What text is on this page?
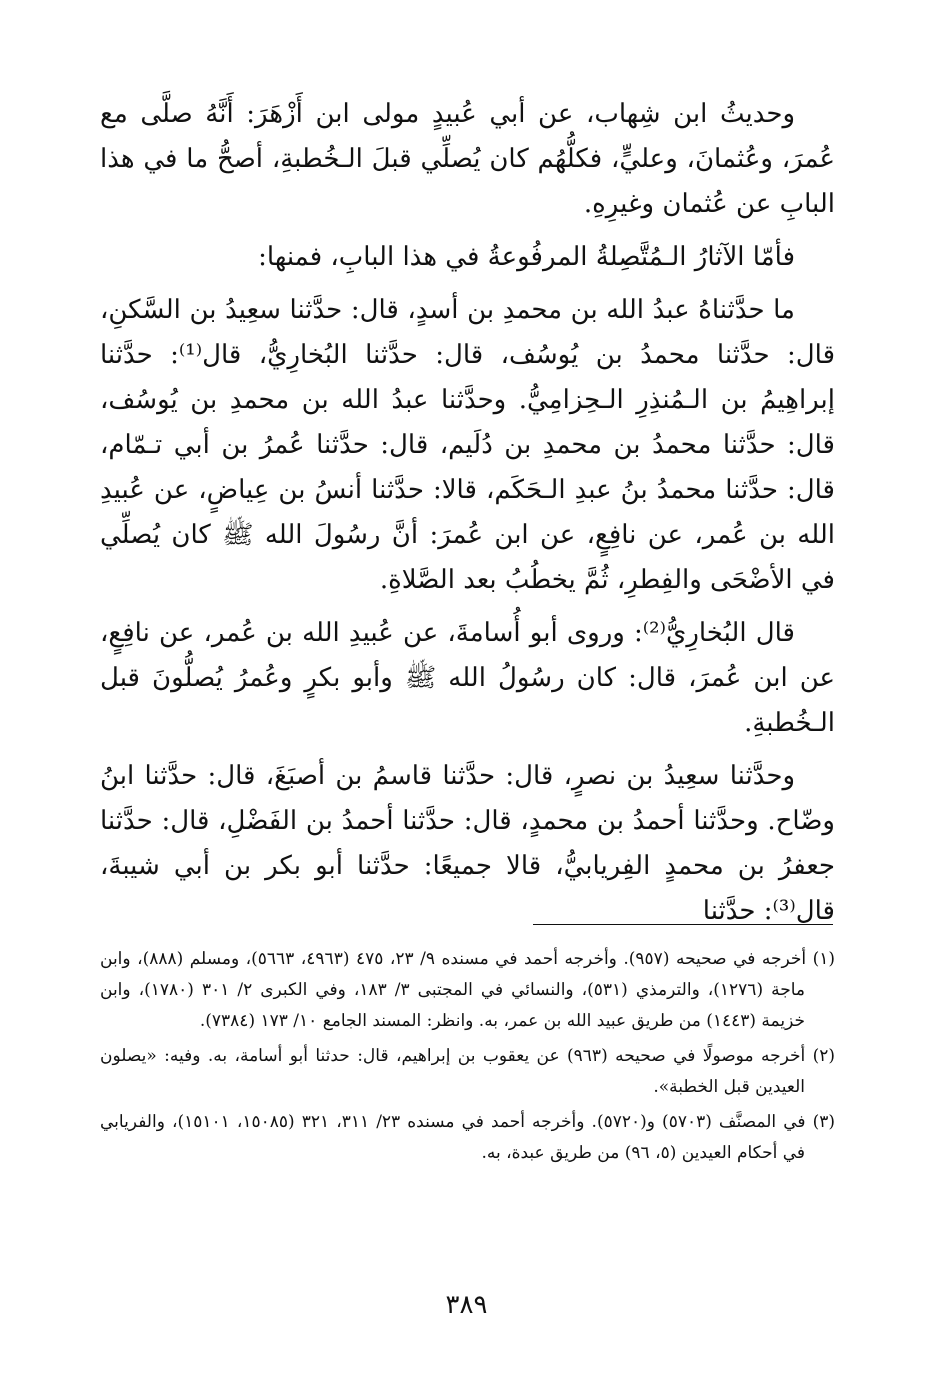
وحديثُ ابن شِهاب، عن أبي عُبيدٍ مولى ابن أَزْهَرَ: أَنَّهُ صلَّى مع عُمرَ، وعُثمانَ، وعليٍّ، فكلُّهُم كان يُصلِّي قبلَ الـخُطبةِ، أصحُّ ما في هذا البابِ عن عُثمان وغيرِهِ.

فأمّا الآثارُ الـمُتَّصِلةُ المرفُوعةُ في هذا البابِ، فمنها:

ما حدَّثناهُ عبدُ الله بن محمدِ بن أسدٍ، قال: حدَّثنا سعِيدُ بن السَّكنِ، قال: حدَّثنا محمدُ بن يُوسُف، قال: حدَّثنا البُخارِيُّ، قال⁽¹⁾: حدَّثنا إبراهِيمُ بن الـمُنذِرِ الـحِزامِيُّ. وحدَّثنا عبدُ الله بن محمدِ بن يُوسُف، قال: حدَّثنا محمدُ بن محمدِ بن دُلَيم، قال: حدَّثنا عُمرُ بن أبي تـمّام، قال: حدَّثنا محمدُ بنُ عبدِ الـحَكَم، قالا: حدَّثنا أنسُ بن عِياضٍ، عن عُبيدِ الله بن عُمر، عن نافِعٍ، عن ابن عُمرَ: أنَّ رسُولَ الله ﷺ كان يُصلِّي في الأضْحَى والفِطرِ، ثُمَّ يخطُبُ بعد الصَّلاةِ.

قال البُخارِيُّ⁽²⁾: وروى أبو أُسامةَ، عن عُبيدِ الله بن عُمر، عن نافِعٍ، عن ابن عُمرَ، قال: كان رسُولُ الله ﷺ وأبو بكرٍ وعُمرُ يُصلُّونَ قبل الـخُطبةِ.

وحدَّثنا سعِيدُ بن نصرٍ، قال: حدَّثنا قاسمُ بن أصبَغَ، قال: حدَّثنا ابنُ وضّاح. وحدَّثنا أحمدُ بن محمدٍ، قال: حدَّثنا أحمدُ بن الفَضْلِ، قال: حدَّثنا جعفرُ بن محمدٍ الفِريابيُّ، قالا جميعًا: حدَّثنا أبو بكر بن أبي شيبةَ، قال⁽³⁾: حدَّثنا

(١) أخرجه في صحيحه (٩٥٧). وأخرجه أحمد في مسنده ٩/ ٢٣، ٤٧٥ (٤٩٦٣، ٥٦٦٣)، ومسلم (٨٨٨)، وابن ماجة (١٢٧٦)، والترمذي (٥٣١)، والنسائي في المجتبى ٣/ ١٨٣، وفي الكبرى ٢/ ٣٠١ (١٧٨٠)، وابن خزيمة (١٤٤٣) من طريق عبيد الله بن عمر، به. وانظر: المسند الجامع ١٠/ ١٧٣ (٧٣٨٤).

(٢) أخرجه موصولًا في صحيحه (٩٦٣) عن يعقوب بن إبراهيم، قال: حدثنا أبو أسامة، به. وفيه: «يصلون العيدين قبل الخطبة».

(٣) في المصنَّف (٥٧٠٣) و(٥٧٢٠). وأخرجه أحمد في مسنده ٢٣/ ٣١١، ٣٢١ (١٥٠٨٥، ١٥١٠١)، والفريابي في أحكام العيدين (٥، ٩٦) من طريق عبدة، به.

٣٨٩
